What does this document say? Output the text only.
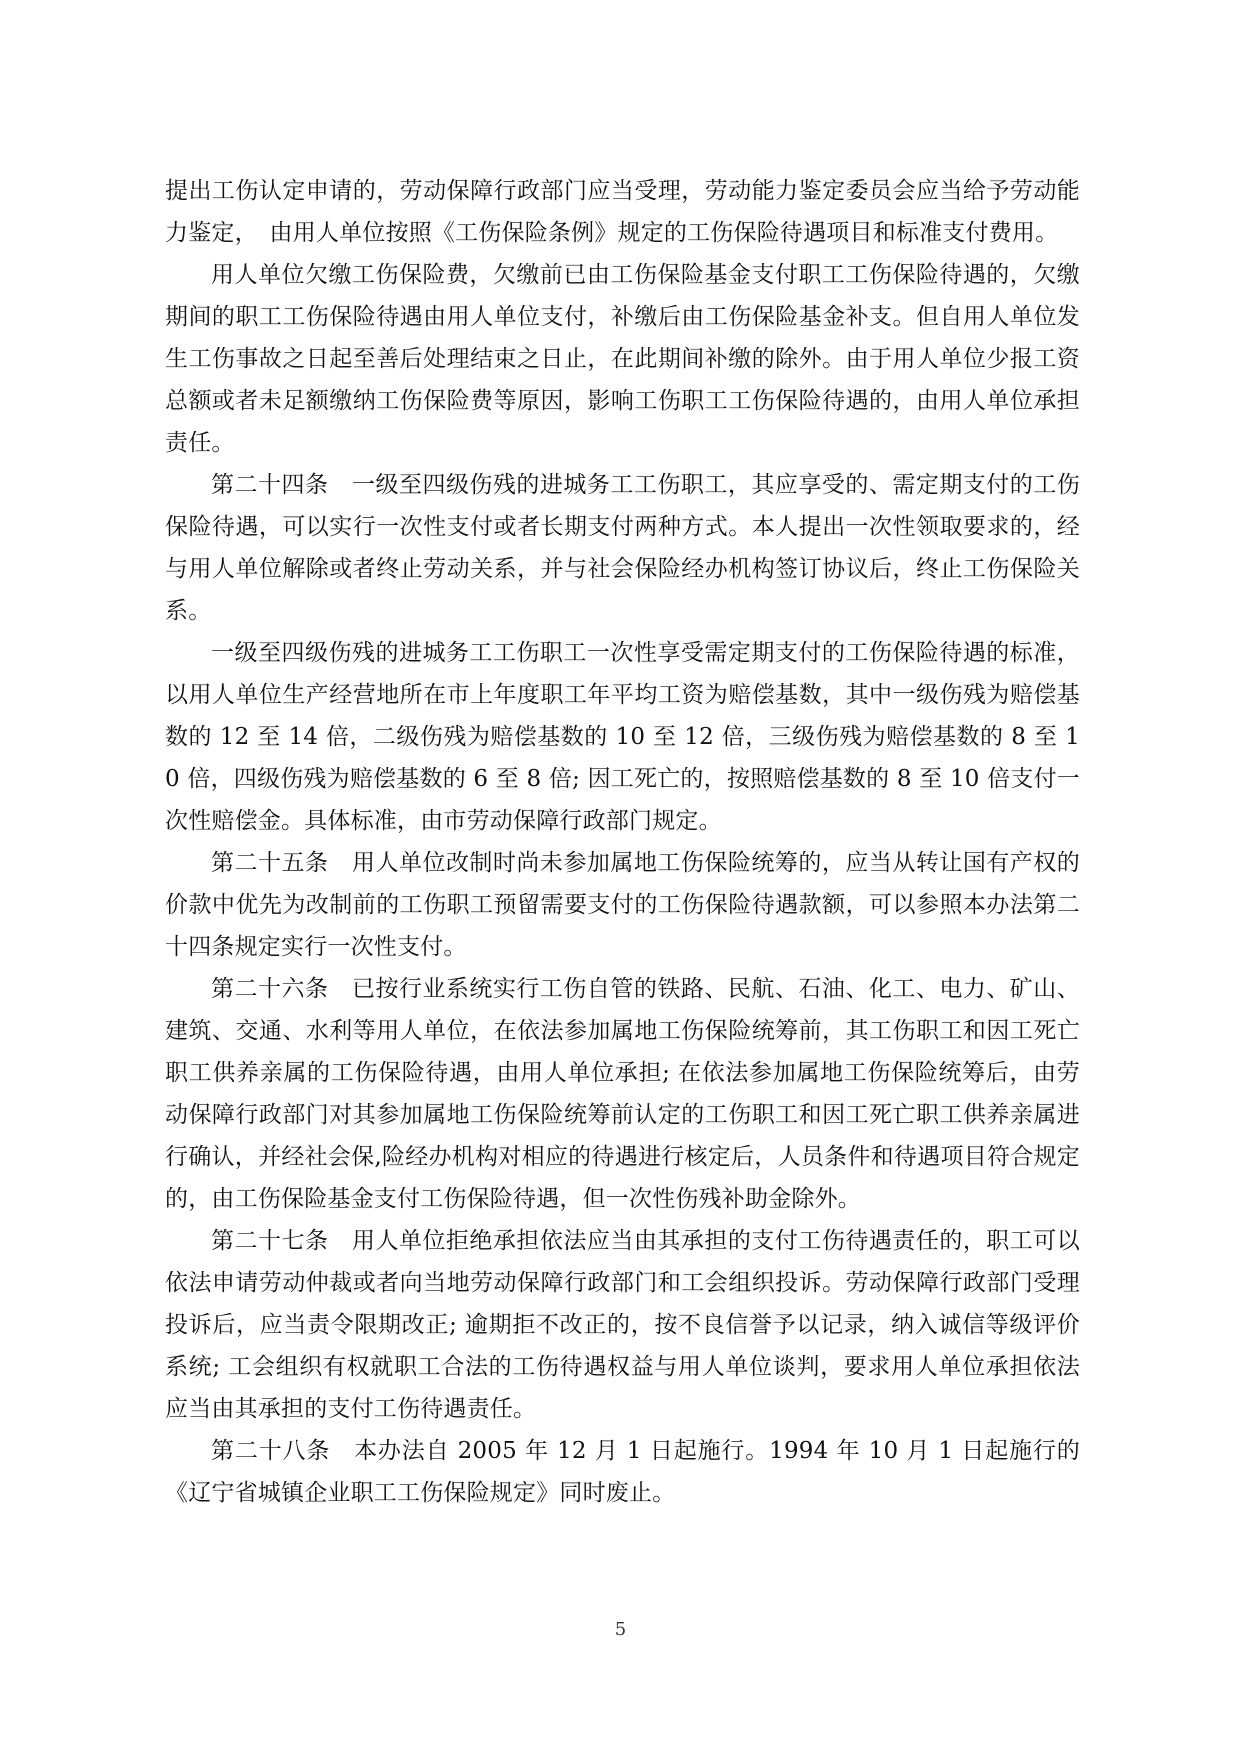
提出工伤认定申请的，劳动保障行政部门应当受理，劳动能力鉴定委员会应当给予劳动能力鉴定，　由用人单位按照《工伤保险条例》规定的工伤保险待遇项目和标准支付费用。

用人单位欠缴工伤保险费，欠缴前已由工伤保险基金支付职工工伤保险待遇的，欠缴期间的职工工伤保险待遇由用人单位支付，补缴后由工伤保险基金补支。但自用人单位发生工伤事故之日起至善后处理结束之日止，在此期间补缴的除外。由于用人单位少报工资总额或者未足额缴纳工伤保险费等原因，影响工伤职工工伤保险待遇的，由用人单位承担责任。

第二十四条　一级至四级伤残的进城务工工伤职工，其应享受的、需定期支付的工伤保险待遇，可以实行一次性支付或者长期支付两种方式。本人提出一次性领取要求的，经与用人单位解除或者终止劳动关系，并与社会保险经办机构签订协议后，终止工伤保险关系。

一级至四级伤残的进城务工工伤职工一次性享受需定期支付的工伤保险待遇的标准，以用人单位生产经营地所在市上年度职工年平均工资为赔偿基数，其中一级伤残为赔偿基数的 12 至 14 倍，二级伤残为赔偿基数的 10 至 12 倍，三级伤残为赔偿基数的 8 至 10 倍，四级伤残为赔偿基数的 6 至 8 倍; 因工死亡的，按照赔偿基数的 8 至 10 倍支付一次性赔偿金。具体标准，由市劳动保障行政部门规定。

第二十五条　用人单位改制时尚未参加属地工伤保险统筹的，应当从转让国有产权的价款中优先为改制前的工伤职工预留需要支付的工伤保险待遇款额，可以参照本办法第二十四条规定实行一次性支付。

第二十六条　已按行业系统实行工伤自管的铁路、民航、石油、化工、电力、矿山、建筑、交通、水利等用人单位，在依法参加属地工伤保险统筹前，其工伤职工和因工死亡职工供养亲属的工伤保险待遇，由用人单位承担; 在依法参加属地工伤保险统筹后，由劳动保障行政部门对其参加属地工伤保险统筹前认定的工伤职工和因工死亡职工供养亲属进行确认，并经社会保,险经办机构对相应的待遇进行核定后，人员条件和待遇项目符合规定的，由工伤保险基金支付工伤保险待遇，但一次性伤残补助金除外。

第二十七条　用人单位拒绝承担依法应当由其承担的支付工伤待遇责任的，职工可以依法申请劳动仲裁或者向当地劳动保障行政部门和工会组织投诉。劳动保障行政部门受理投诉后，应当责令限期改正; 逾期拒不改正的，按不良信誉予以记录，纳入诚信等级评价系统; 工会组织有权就职工合法的工伤待遇权益与用人单位谈判，要求用人单位承担依法应当由其承担的支付工伤待遇责任。

第二十八条　本办法自 2005 年 12 月 1 日起施行。1994 年 10 月 1 日起施行的《辽宁省城镇企业职工工伤保险规定》同时废止。

5
